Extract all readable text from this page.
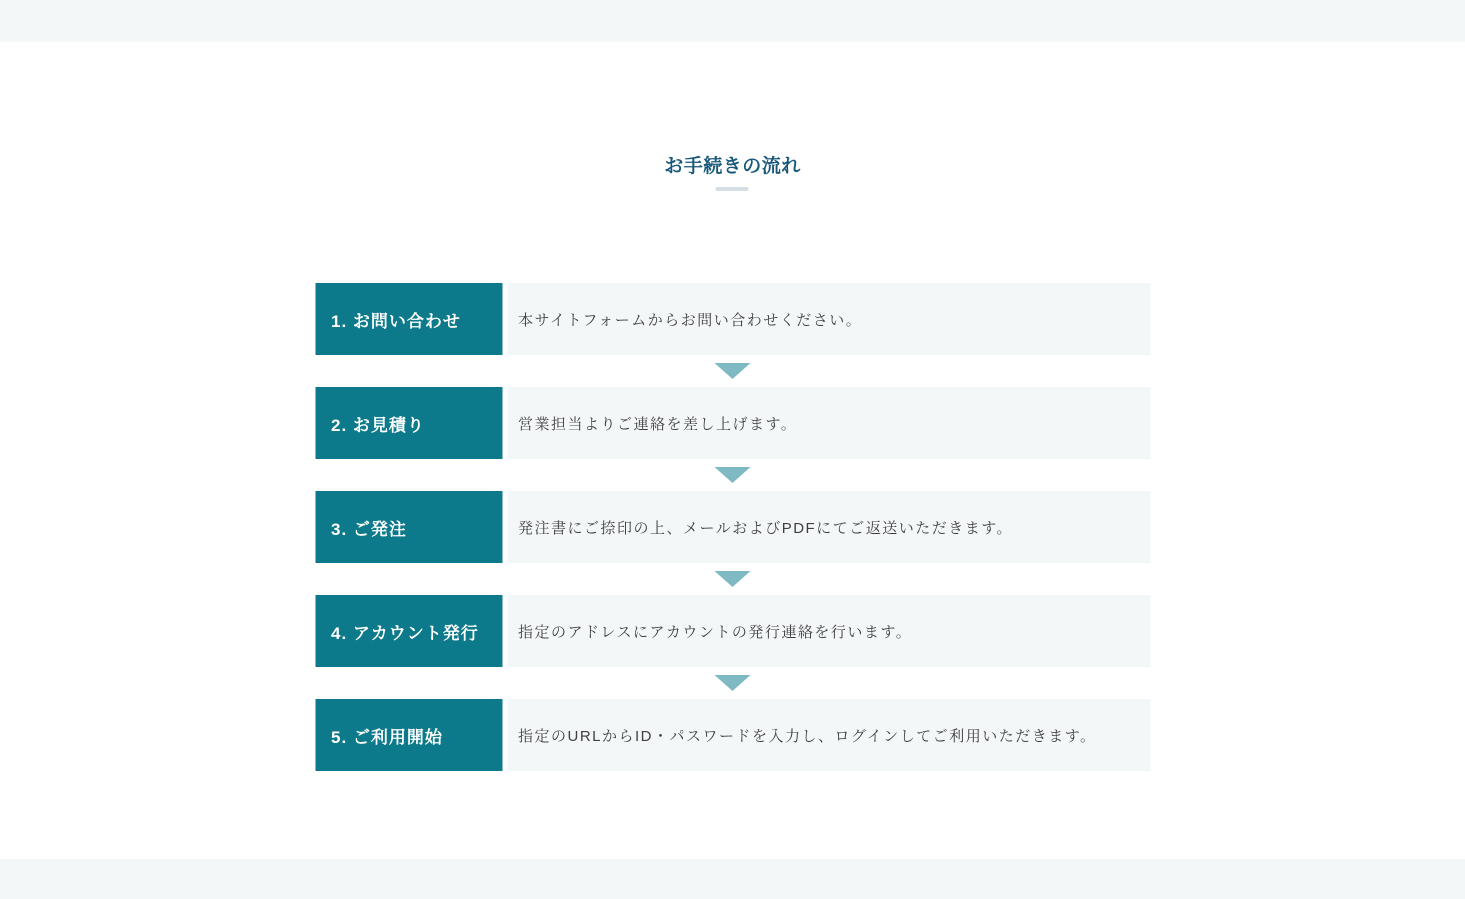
お手続きの流れ
1. お問い合わせ	本サイトフォームからお問い合わせください。
2. お見積り	営業担当よりご連絡を差し上げます。
3. ご発注	発注書にご捺印の上、メールおよびPDFにてご返送いただきます。
4. アカウント発行	指定のアドレスにアカウントの発行連絡を行います。
5. ご利用開始	指定のURLからID・パスワードを入力し、ログインしてご利用いただきます。
